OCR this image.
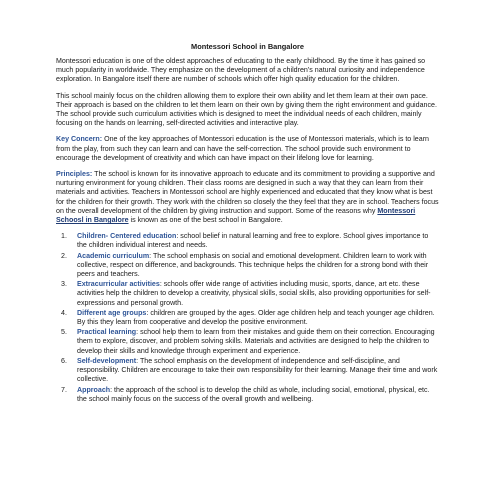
Montessori School in Bangalore

Montessori education is one of the oldest approaches of educating to the early childhood. By the time it has gained so much popularity in worldwide. They emphasize on the development of a children’s natural curiosity and independence exploration. In Bangalore itself there are number of schools which offer high quality education for the children.

This school mainly focus on the children allowing them to explore their own ability and let them learn at their own pace. Their approach is based on the children to let them learn on their own by giving them the right environment and guidance. The school provide such curriculum activities which is designed to meet the individual needs of each children, mainly focusing on the hands on learning, self-directed activities and interactive play.

Key Concern: One of the key approaches of Montessori education is the use of Montessori materials, which is to learn from the play, from such they can learn and can have the self-correction. The school provide such environment to encourage the development of creativity and which can have impact on their lifelong love for learning.

Principles: The school is known for its innovative approach to educate and its commitment to providing a supportive and nurturing environment for young children. Their class rooms are designed in such a way that they can learn from their materials and activities. Teachers in Montessori school are highly experienced and educated that they know what is best for the children for their growth. They work with the children so closely the they feel that they are in school. Teachers focus on the overall development of the children by giving instruction and support. Some of the reasons why Montessori Schoosl in Bangalore is known as one of the best school in Bangalore.

1.	Children- Centered education: school belief in natural learning and free to explore. School gives importance to the children individual interest and needs.
2.	Academic curriculum: The school emphasis on social and emotional development. Children learn to work with collective, respect on difference, and backgrounds. This technique helps the children for a strong bond with their peers and teachers.
3.	Extracurricular activities: schools offer wide range of activities including music, sports, dance, art etc. these activities help the children to develop a creativity, physical skills, social skills, also providing opportunities for self-expressions and personal growth.
4.	Different age groups: children are grouped by the ages. Older age children help and teach younger age children. By this they learn from cooperative and develop the positive environment.
5.	Practical learning: school help them to learn from their mistakes and guide them on their correction. Encouraging them to explore, discover, and problem solving skills. Materials and activities are designed to help the children to develop their skills and knowledge through experiment and experience.
6.	Self-development: The school emphasis on the development of independence and self-discipline, and responsibility. Children are encourage to take their own responsibility for their learning. Manage their time and work collective.
7.	Approach: the approach of the school is to develop the child as whole, including social, emotional, physical, etc. the school mainly focus on the success of the overall growth and wellbeing.
